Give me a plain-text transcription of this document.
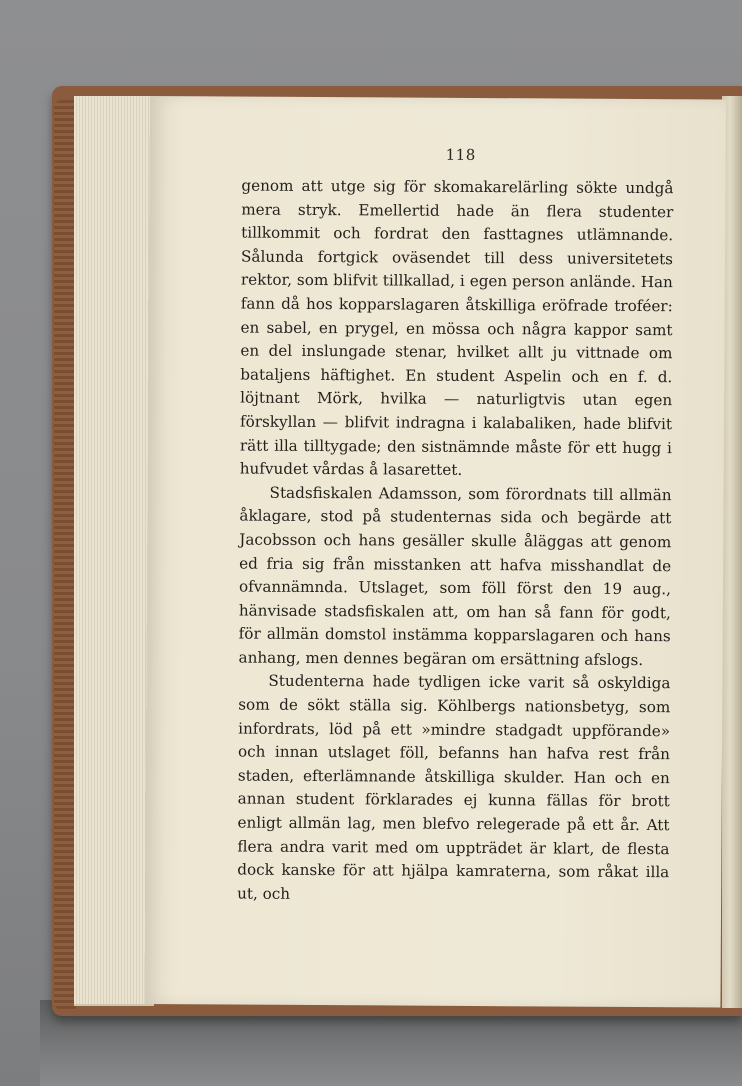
118

genom att utge sig för skomakarelärling sökte undgå mera stryk. Emellertid hade än flera studenter tillkommit och fordrat den fasttagnes utlämnande. Sålunda fortgick oväsendet till dess universitetets rektor, som blifvit tillkallad, i egen person anlände. Han fann då hos kopparslagaren åtskilliga eröfrade troféer: en sabel, en prygel, en mössa och några kappor samt en del inslungade stenar, hvilket allt ju vittnade om bataljens häftighet. En student Aspelin och en f. d. löjtnant Mörk, hvilka — naturligtvis utan egen förskyllan — blifvit indragna i kalabaliken, hade blifvit rätt illa tilltygade; den sistnämnde måste för ett hugg i hufvudet vårdas å lasarettet.

Stadsfiskalen Adamsson, som förordnats till allmän åklagare, stod på studenternas sida och begärde att Jacobsson och hans gesäller skulle åläggas att genom ed fria sig från misstanken att hafva misshandlat de ofvannämnda. Utslaget, som föll först den 19 aug., hänvisade stadsfiskalen att, om han så fann för godt, för allmän domstol instämma kopparslagaren och hans anhang, men dennes begäran om ersättning afslogs.

Studenterna hade tydligen icke varit så oskyldiga som de sökt ställa sig. Köhlbergs nationsbetyg, som infordrats, löd på ett »mindre stadgadt uppförande» och innan utslaget föll, befanns han hafva rest från staden, efterlämnande åtskilliga skulder. Han och en annan student förklarades ej kunna fällas för brott enligt allmän lag, men blefvo relegerade på ett år. Att flera andra varit med om uppträdet är klart, de flesta dock kanske för att hjälpa kamraterna, som råkat illa ut, och
